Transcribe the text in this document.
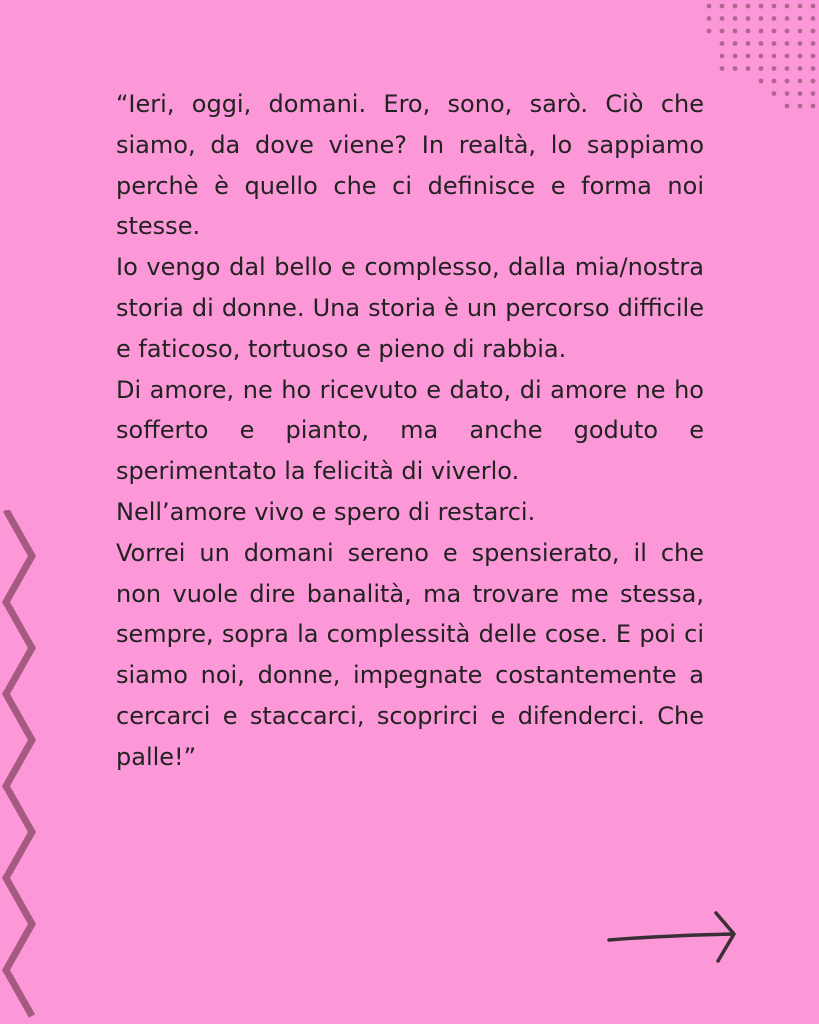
“Ieri, oggi, domani. Ero, sono, sarò. Ciò che siamo, da dove viene? In realtà, lo sappiamo perchè è quello che ci definisce e forma noi stesse.

Io vengo dal bello e complesso, dalla mia/nostra storia di donne. Una storia è un percorso difficile e faticoso, tortuoso e pieno di rabbia.

Di amore, ne ho ricevuto e dato, di amore ne ho sofferto e pianto, ma anche goduto e sperimentato la felicità di viverlo.

Nell’amore vivo e spero di restarci.

Vorrei un domani sereno e spensierato, il che non vuole dire banalità, ma trovare me stessa, sempre, sopra la complessità delle cose. E poi ci siamo noi, donne, impegnate costantemente a cercarci e staccarci, scoprirci e difenderci. Che palle!”
